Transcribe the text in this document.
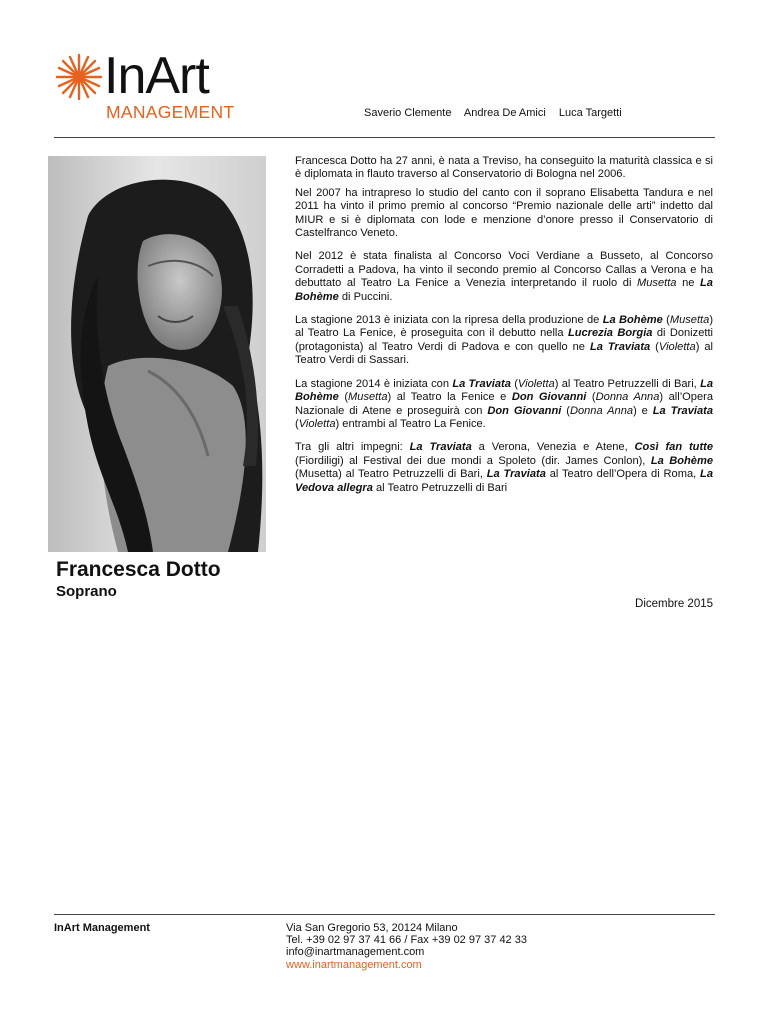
InArt
MANAGEMENT	Saverio Clemente Andrea De Amici Luca Targetti
Francesca Dotto
Soprano

Francesca Dotto ha 27 anni, è nata a Treviso, ha conseguito la maturità classica e si è diplomata in flauto traverso al Conservatorio di Bologna nel 2006.

Nel 2007 ha intrapreso lo studio del canto con il soprano Elisabetta Tandura e nel 2011 ha vinto il primo premio al concorso “Premio nazionale delle arti” indetto dal MIUR e si è diplomata con lode e menzione d’onore presso il Conservatorio di Castelfranco Veneto.

Nel 2012 è stata finalista al Concorso Voci Verdiane a Busseto, al Concorso Corradetti a Padova, ha vinto il secondo premio al Concorso Callas a Verona e ha debuttato al Teatro La Fenice a Venezia interpretando il ruolo di Musetta ne La Bohème di Puccini.

La stagione 2013 è iniziata con la ripresa della produzione de La Bohème (Musetta) al Teatro La Fenice, è proseguita con il debutto nella Lucrezia Borgia di Donizetti (protagonista) al Teatro Verdi di Padova e con quello ne La Traviata (Violetta) al Teatro Verdi di Sassari.

La stagione 2014 è iniziata con La Traviata (Violetta) al Teatro Petruzzelli di Bari, La Bohème (Musetta) al Teatro la Fenice e Don Giovanni (Donna Anna) all’Opera Nazionale di Atene e proseguirà con Don Giovanni (Donna Anna) e La Traviata (Violetta) entrambi al Teatro La Fenice.

Tra gli altri impegni: La Traviata a Verona, Venezia e Atene, Così fan tutte (Fiordiligi) al Festival dei due mondi a Spoleto (dir. James Conlon), La Bohème (Musetta) al Teatro Petruzzelli di Bari, La Traviata al Teatro dell’Opera di Roma, La Vedova allegra al Teatro Petruzzelli di Bari

Dicembre 2015
InArt Management	Via San Gregorio 53, 20124 Milano
Tel. +39 02 97 37 41 66 / Fax +39 02 97 37 42 33
info@inartmanagement.com
www.inartmanagement.com
